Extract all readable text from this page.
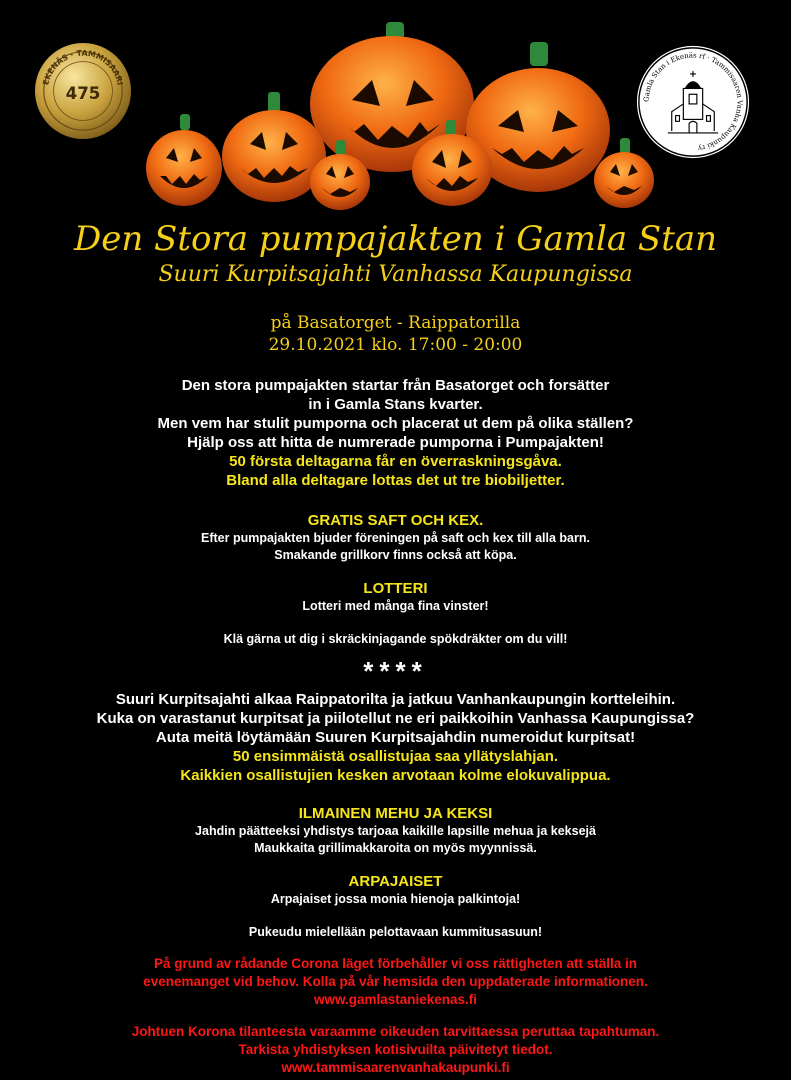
EKENÄS · TAMMISAARI
475	Gamla Stan i Ekenäs rf · Tammisaaren Vanha Kaupunki ry
Den Stora pumpajakten i Gamla Stan
Suuri Kurpitsajahti Vanhassa Kaupungissa
på Basatorget - Raippatorilla
29.10.2021 klo. 17:00 - 20:00
Den stora pumpajakten startar från Basatorget och forsätter
in i Gamla Stans kvarter.
Men vem har stulit pumporna och placerat ut dem på olika ställen?
Hjälp oss att hitta de numrerade pumporna i Pumpajakten!
50 första deltagarna får en överraskningsgåva.
Bland alla deltagare lottas det ut tre biobiljetter.
GRATIS SAFT OCH KEX.
Efter pumpajakten bjuder föreningen på saft och kex till alla barn.
Smakande grillkorv finns också att köpa.
LOTTERI
Lotteri med många fina vinster!
Klä gärna ut dig i skräckinjagande spökdräkter om du vill!
****
Suuri Kurpitsajahti alkaa Raippatorilta ja jatkuu Vanhankaupungin kortteleihin.
Kuka on varastanut kurpitsat ja piilotellut ne eri paikkoihin Vanhassa Kaupungissa?
Auta meitä löytämään Suuren Kurpitsajahdin numeroidut kurpitsat!
50 ensimmäistä osallistujaa saa yllätyslahjan.
Kaikkien osallistujien kesken arvotaan kolme elokuvalippua.
ILMAINEN MEHU JA KEKSI
Jahdin päätteeksi yhdistys tarjoaa kaikille lapsille mehua ja keksejä
Maukkaita grillimakkaroita on myös myynnissä.
ARPAJAISET
Arpajaiset jossa monia hienoja palkintoja!
Pukeudu mielellään pelottavaan kummitusasuun!
På grund av rådande Corona läget förbehåller vi oss rättigheten att ställa in
evenemanget vid behov. Kolla på vår hemsida den uppdaterade informationen.
www.gamlastaniekenas.fi
Johtuen Korona tilanteesta varaamme oikeuden tarvittaessa peruttaa tapahtuman.
Tarkista yhdistyksen kotisivuilta päivitetyt tiedot.
www.tammisaarenvanhakaupunki.fi
